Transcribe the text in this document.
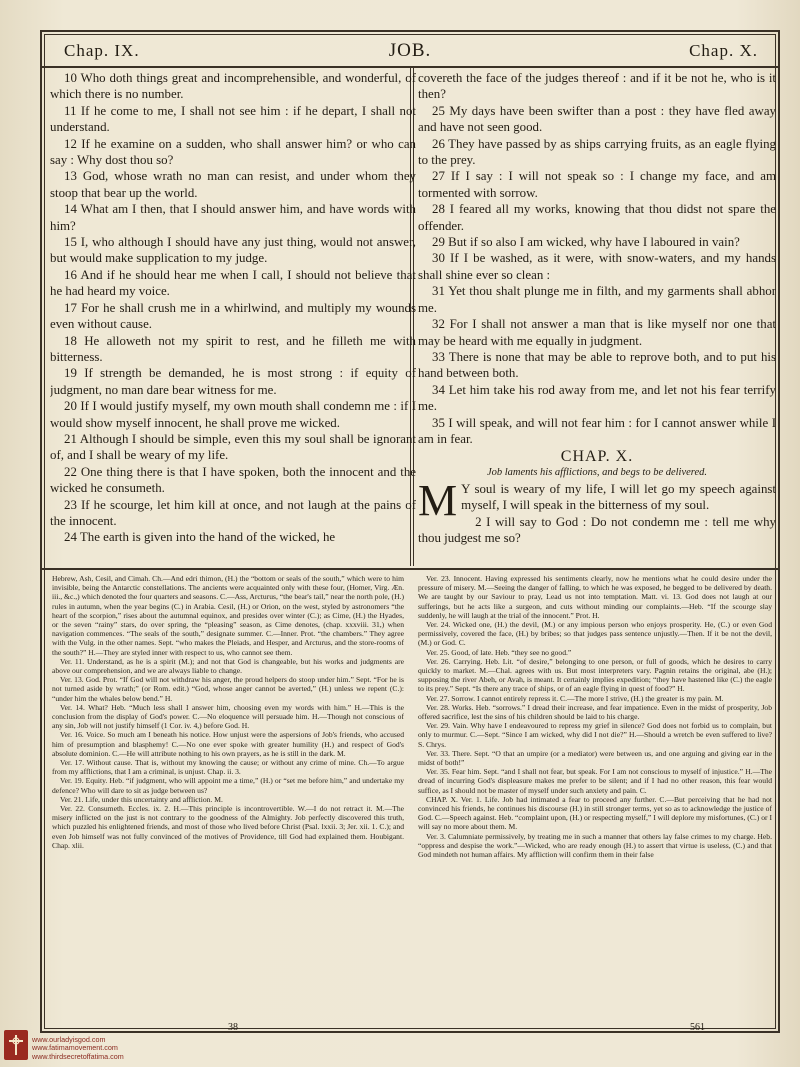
Chap. IX.	JOB.	Chap. X.

10 Who doth things great and incomprehensible, and wonderful, of which there is no number.

11 If he come to me, I shall not see him : if he depart, I shall not understand.

12 If he examine on a sudden, who shall answer him? or who can say : Why dost thou so?

13 God, whose wrath no man can resist, and under whom they stoop that bear up the world.

14 What am I then, that I should answer him, and have words with him?

15 I, who although I should have any just thing, would not answer, but would make supplication to my judge.

16 And if he should hear me when I call, I should not believe that he had heard my voice.

17 For he shall crush me in a whirlwind, and multiply my wounds even without cause.

18 He alloweth not my spirit to rest, and he filleth me with bitterness.

19 If strength be demanded, he is most strong : if equity of judgment, no man dare bear witness for me.

20 If I would justify myself, my own mouth shall condemn me : if I would show myself innocent, he shall prove me wicked.

21 Although I should be simple, even this my soul shall be ignorant of, and I shall be weary of my life.

22 One thing there is that I have spoken, both the innocent and the wicked he consumeth.

23 If he scourge, let him kill at once, and not laugh at the pains of the innocent.

24 The earth is given into the hand of the wicked, he

covereth the face of the judges thereof : and if it be not he, who is it then?

25 My days have been swifter than a post : they have fled away and have not seen good.

26 They have passed by as ships carrying fruits, as an eagle flying to the prey.

27 If I say : I will not speak so : I change my face, and am tormented with sorrow.

28 I feared all my works, knowing that thou didst not spare the offender.

29 But if so also I am wicked, why have I laboured in vain?

30 If I be washed, as it were, with snow-waters, and my hands shall shine ever so clean :

31 Yet thou shalt plunge me in filth, and my garments shall abhor me.

32 For I shall not answer a man that is like myself nor one that may be heard with me equally in judgment.

33 There is none that may be able to reprove both, and to put his hand between both.

34 Let him take his rod away from me, and let not his fear terrify me.

35 I will speak, and will not fear him : for I cannot answer while I am in fear.

CHAP. X.
Job laments his afflictions, and begs to be delivered.

M Y soul is weary of my life, I will let go my speech against myself, I will speak in the bitterness of my soul.

2 I will say to God : Do not condemn me : tell me why thou judgest me so?

Hebrew, Ash, Cesil, and Cimah. Ch.—And edri thimon, (H.) the “bottom or seals of the south,” which were to him invisible, being the Antarctic constellations. The ancients were acquainted only with these four, (Homer, Virg. Æn. iii., &c.,) which denoted the four quarters and seasons. C.—Ass, Arcturus, “the bear's tail,” near the north pole, (H.) rules in autumn, when the year begins (C.) in Arabia. Cesil, (H.) or Orion, on the west, styled by astronomers “the heart of the scorpion,” rises about the autumnal equinox, and presides over winter (C.); as Cime, (H.) the Hyades, or the seven “rainy” stars, do over spring, the “pleasing” season, as Cime denotes, (chap. xxxviii. 31,) when navigation commences. “The seals of the south,” designate summer. C.—Inner. Prot. “the chambers.” They agree with the Vulg. in the other names. Sept. “who makes the Pleiads, and Hesper, and Arcturus, and the store-rooms of the south?” H.—They are styled inner with respect to us, who cannot see them.

Ver. 11. Understand, as he is a spirit (M.); and not that God is changeable, but his works and judgments are above our comprehension, and we are always liable to change.

Ver. 13. God. Prot. “If God will not withdraw his anger, the proud helpers do stoop under him.” Sept. “For he is not turned aside by wrath;” (or Rom. edit.) “God, whose anger cannot be averted,” (H.) unless we repent (C.): “under him the whales below bend.” H.

Ver. 14. What? Heb. “Much less shall I answer him, choosing even my words with him.” H.—This is the conclusion from the display of God's power. C.—No eloquence will persuade him. H.—Though not conscious of any sin, Job will not justify himself (1 Cor. iv. 4,) before God. H.

Ver. 16. Voice. So much am I beneath his notice. How unjust were the aspersions of Job's friends, who accused him of presumption and blasphemy! C.—No one ever spoke with greater humility (H.) and respect of God's absolute dominion. C.—He will attribute nothing to his own prayers, as he is still in the dark. M.

Ver. 17. Without cause. That is, without my knowing the cause; or without any crime of mine. Ch.—To argue from my afflictions, that I am a criminal, is unjust. Chap. ii. 3.

Ver. 19. Equity. Heb. “if judgment, who will appoint me a time,” (H.) or “set me before him,” and undertake my defence? Who will dare to sit as judge between us?

Ver. 21. Life, under this uncertainty and affliction. M.

Ver. 22. Consumeth. Eccles. ix. 2. H.—This principle is incontrovertible. W.—I do not retract it. M.—The misery inflicted on the just is not contrary to the goodness of the Almighty. Job perfectly discovered this truth, which puzzled his enlightened friends, and most of those who lived before Christ (Psal. lxxii. 3; Jer. xii. 1. C.); and even Job himself was not fully convinced of the motives of Providence, till God had explained them. Houbigant. Chap. xlii.

Ver. 23. Innocent. Having expressed his sentiments clearly, now he mentions what he could desire under the pressure of misery. M.—Seeing the danger of falling, to which he was exposed, he begged to be delivered by death. We are taught by our Saviour to pray, Lead us not into temptation. Matt. vi. 13. God does not laugh at our sufferings, but he acts like a surgeon, and cuts without minding our complaints.—Heb. “If the scourge slay suddenly, he will laugh at the trial of the innocent.” Prot. H.

Ver. 24. Wicked one, (H.) the devil, (M.) or any impious person who enjoys prosperity. He, (C.) or even God permissively, covered the face, (H.) by bribes; so that judges pass sentence unjustly.—Then. If it be not the devil, (M.) or God. C.

Ver. 25. Good, of late. Heb. “they see no good.”

Ver. 26. Carrying. Heb. Lit. “of desire,” belonging to one person, or full of goods, which he desires to carry quickly to market. M.—Chal. agrees with us. But most interpreters vary. Pagnin retains the original, abe (H.); supposing the river Abeh, or Avah, is meant. It certainly implies expedition; “they have hastened like (C.) the eagle to its prey.” Sept. “Is there any trace of ships, or of an eagle flying in quest of food?” H.

Ver. 27. Sorrow. I cannot entirely repress it. C.—The more I strive, (H.) the greater is my pain. M.

Ver. 28. Works. Heb. “sorrows.” I dread their increase, and fear impatience. Even in the midst of prosperity, Job offered sacrifice, lest the sins of his children should be laid to his charge.

Ver. 29. Vain. Why have I endeavoured to repress my grief in silence? God does not forbid us to complain, but only to murmur. C.—Sept. “Since I am wicked, why did I not die?” H.—Should a wretch be even suffered to live? S. Chrys.

Ver. 33. There. Sept. “O that an umpire (or a mediator) were between us, and one arguing and giving ear in the midst of both!”

Ver. 35. Fear him. Sept. “and I shall not fear, but speak. For I am not conscious to myself of injustice.” H.—The dread of incurring God's displeasure makes me prefer to be silent; and if I had no other reason, this fear would suffice, as I should not be master of myself under such anxiety and pain. C.

CHAP. X. Ver. 1. Life. Job had intimated a fear to proceed any further. C.—But perceiving that he had not convinced his friends, he continues his discourse (H.) in still stronger terms, yet so as to acknowledge the justice of God. C.—Speech against. Heb. “complaint upon, (H.) or respecting myself,” I will deplore my misfortunes, (C.) or I will say no more about them. M.

Ver. 3. Calumniate permissively, by treating me in such a manner that others lay false crimes to my charge. Heb. “oppress and despise the work.”—Wicked, who are ready enough (H.) to assert that virtue is useless, (C.) and that God mindeth not human affairs. My affliction will confirm them in their false

38	561
www.ourladyisgod.com
www.fatimamovement.com
www.thirdsecretoffatima.com
